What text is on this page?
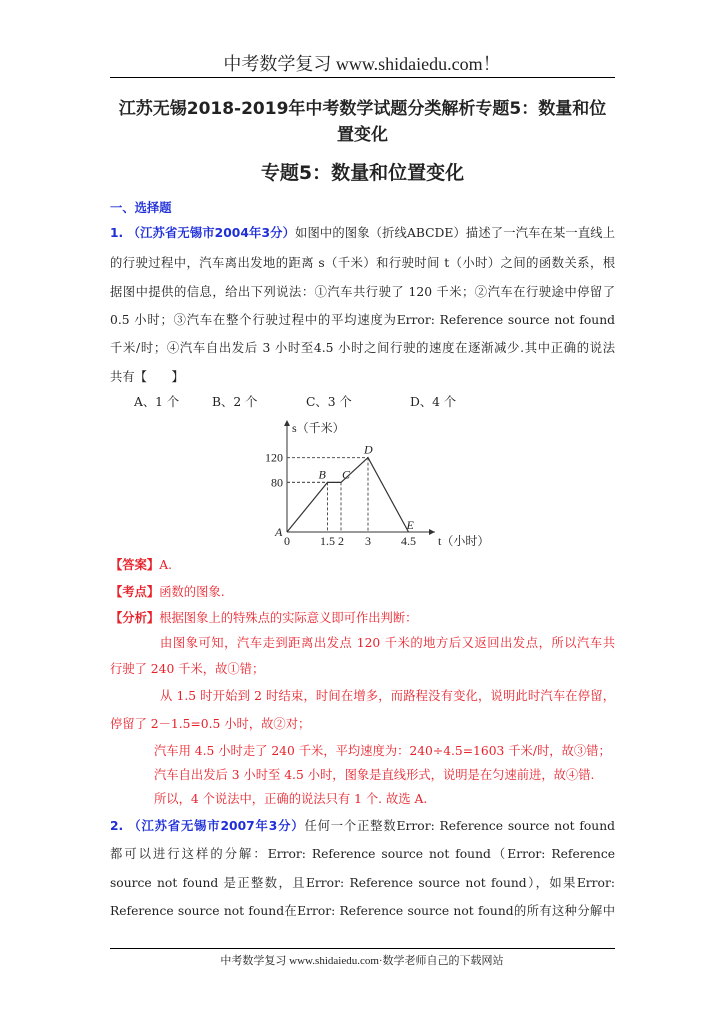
中考数学复习 www.shidaiedu.com！
江苏无锡2018-2019年中考数学试题分类解析专题5：数量和位
置变化
专题5：数量和位置变化
一、选择题
1. （江苏省无锡市2004年3分）如图中的图象（折线ABCDE）描述了一汽车在某一直线上
的行驶过程中，汽车离出发地的距离 s（千米）和行驶时间 t（小时）之间的函数关系，根
据图中提供的信息，给出下列说法：①汽车共行驶了 120 千米；②汽车在行驶途中停留了
0.5 小时；③汽车在整个行驶过程中的平均速度为Error: Reference source not found
千米/时；④汽车自出发后 3 小时至4.5 小时之间行驶的速度在逐渐减少.其中正确的说法
共有【　　】
A、1 个	B、2 个	C、3 个	D、4 个
s（千米）
t（小时）
A
B C
D
E
0	1.5 2 3	4.5
80
120
【答案】A.
【考点】函数的图象.
【分析】根据图象上的特殊点的实际意义即可作出判断：
由图象可知，汽车走到距离出发点 120 千米的地方后又返回出发点，所以汽车共
行驶了 240 千米，故①错；
从 1.5 时开始到 2 时结束，时间在增多，而路程没有变化，说明此时汽车在停留，
停留了 2－1.5=0.5 小时，故②对；
汽车用 4.5 小时走了 240 千米，平均速度为：240÷4.5=1603 千米/时，故③错；
汽车自出发后 3 小时至 4.5 小时，图象是直线形式，说明是在匀速前进，故④错.
所以，4 个说法中，正确的说法只有 1 个. 故选 A.
2. （江苏省无锡市2007年3分）任何一个正整数Error: Reference source not found
都可以进行这样的分解：Error: Reference source not found（Error: Reference
source not found 是正整数，且Error: Reference source not found），如果Error:
Reference source not found在Error: Reference source not found的所有这种分解中
中考数学复习 www.shidaiedu.com·数学老师自己的下载网站
